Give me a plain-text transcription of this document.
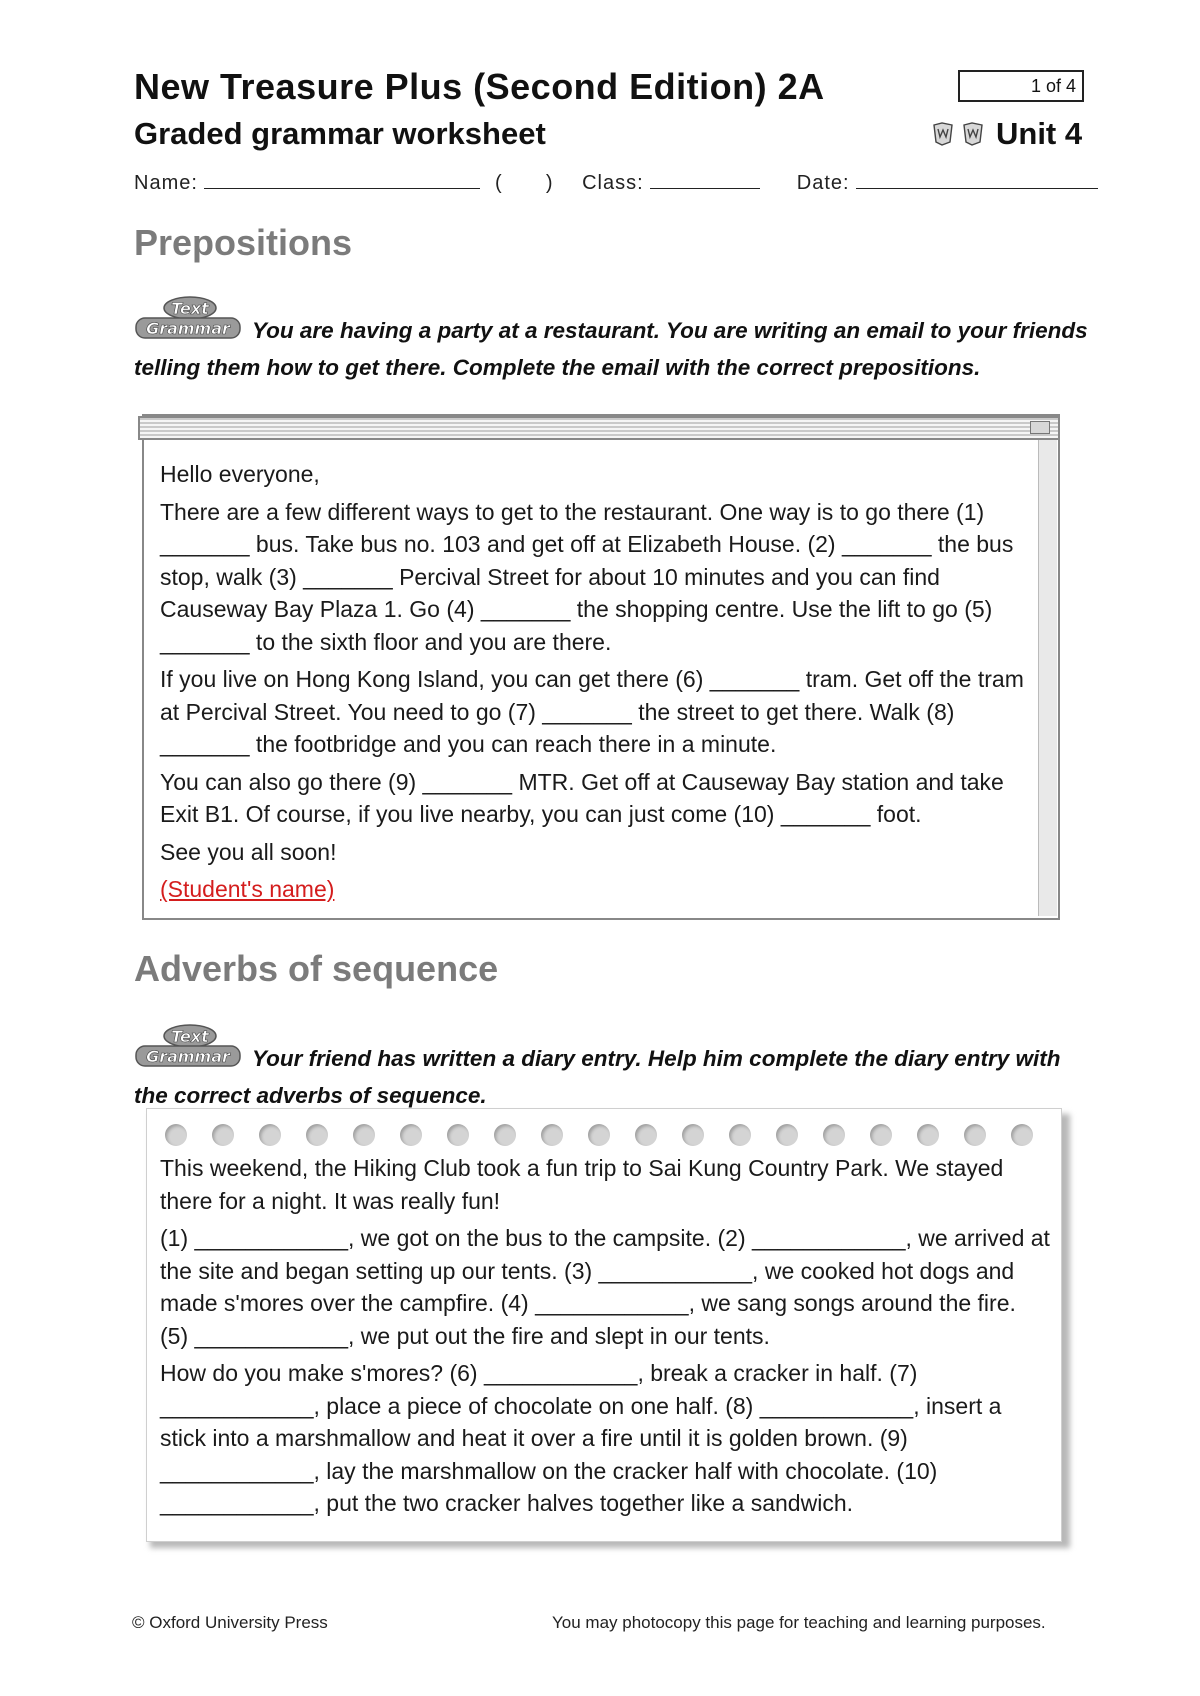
New Treasure Plus (Second Edition) 2A
Graded grammar worksheet
1 of 4
Unit 4
Name:	( ) Class:	Date:
Prepositions
Text
Grammar You are having a party at a restaurant. You are writing an email to your friends telling them how to get there. Complete the email with the correct prepositions.

Hello everyone,

There are a few different ways to get to the restaurant. One way is to go there (1) _______ bus. Take bus no. 103 and get off at Elizabeth House. (2) _______ the bus stop, walk (3) _______ Percival Street for about 10 minutes and you can find Causeway Bay Plaza 1. Go (4) _______ the shopping centre. Use the lift to go (5) _______ to the sixth floor and you are there.

If you live on Hong Kong Island, you can get there (6) _______ tram. Get off the tram at Percival Street. You need to go (7) _______ the street to get there. Walk (8) _______ the footbridge and you can reach there in a minute.

You can also go there (9) _______ MTR. Get off at Causeway Bay station and take Exit B1. Of course, if you live nearby, you can just come (10) _______ foot.

See you all soon!

(Student's name)

Adverbs of sequence
Text
Grammar Your friend has written a diary entry. Help him complete the diary entry with the correct adverbs of sequence.

This weekend, the Hiking Club took a fun trip to Sai Kung Country Park. We stayed there for a night. It was really fun!

(1) ____________, we got on the bus to the campsite. (2) ____________, we arrived at the site and began setting up our tents. (3) ____________, we cooked hot dogs and made s'mores over the campfire. (4) ____________, we sang songs around the fire. (5) ____________, we put out the fire and slept in our tents.

How do you make s'mores? (6) ____________, break a cracker in half. (7) ____________, place a piece of chocolate on one half. (8) ____________, insert a stick into a marshmallow and heat it over a fire until it is golden brown. (9) ____________, lay the marshmallow on the cracker half with chocolate. (10) ____________, put the two cracker halves together like a sandwich.

© Oxford University Press	You may photocopy this page for teaching and learning purposes.
